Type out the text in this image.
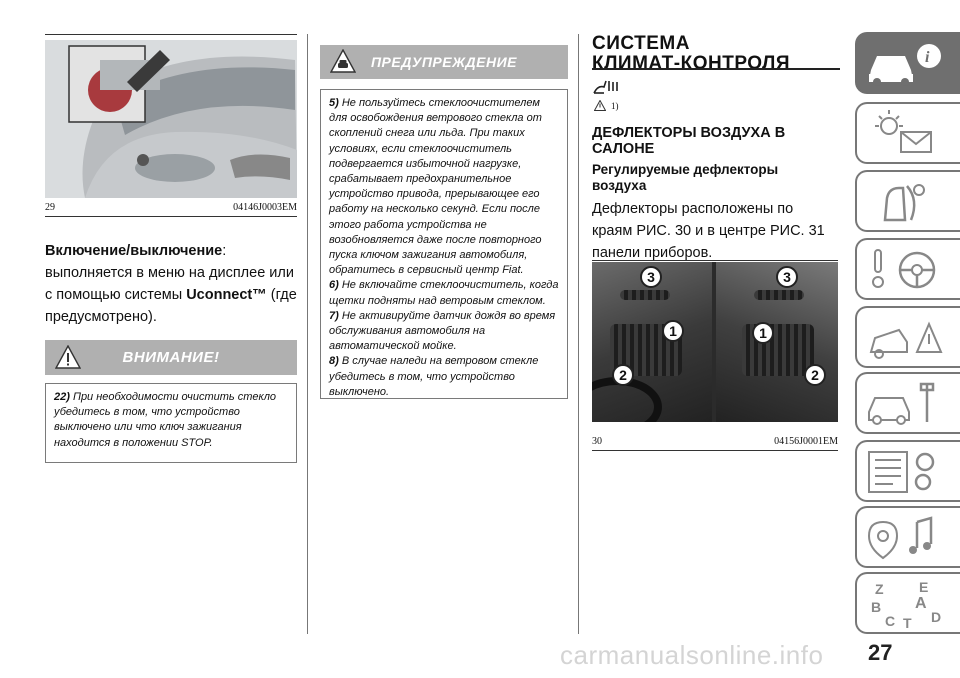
29	04146J0003EM
Включение/выключение: выполняется в меню на дисплее или с помощью системы Uconnect™ (где предусмотрено).
ВНИМАНИЕ!
22) При необходимости очистить стекло убедитесь в том, что устройство выключено или что ключ зажигания находится в положении STOP.
ПРЕДУПРЕЖДЕНИЕ
5) Не пользуйтесь стеклоочистителем для освобождения ветрового стекла от скоплений снега или льда. При таких условиях, если стеклоочиститель подвергается избыточной нагрузке, срабатывает предохранительное устройство привода, прерывающее его работу на несколько секунд. Если после этого работа устройства не возобновляется даже после повторного пуска ключом зажигания автомобиля, обратитесь в сервисный центр Fiat.
6) Не включайте стеклоочиститель, когда щетки подняты над ветровым стеклом.
7) Не активируйте датчик дождя во время обслуживания автомобиля на автоматической мойке.
8) В случае наледи на ветровом стекле убедитесь в том, что устройство выключено.
СИСТЕМА
КЛИМАТ-КОНТРОЛЯ
1)
ДЕФЛЕКТОРЫ ВОЗДУХА В
САЛОНЕ
Регулируемые дефлекторы
воздуха
Дефлекторы расположены по краям РИС. 30 и в центре РИС. 31 панели приборов.
3
1
2
3
1
2
30	04156J0001EM
i
Z	E
B A
C	D
T
27
carmanualsonline.info
